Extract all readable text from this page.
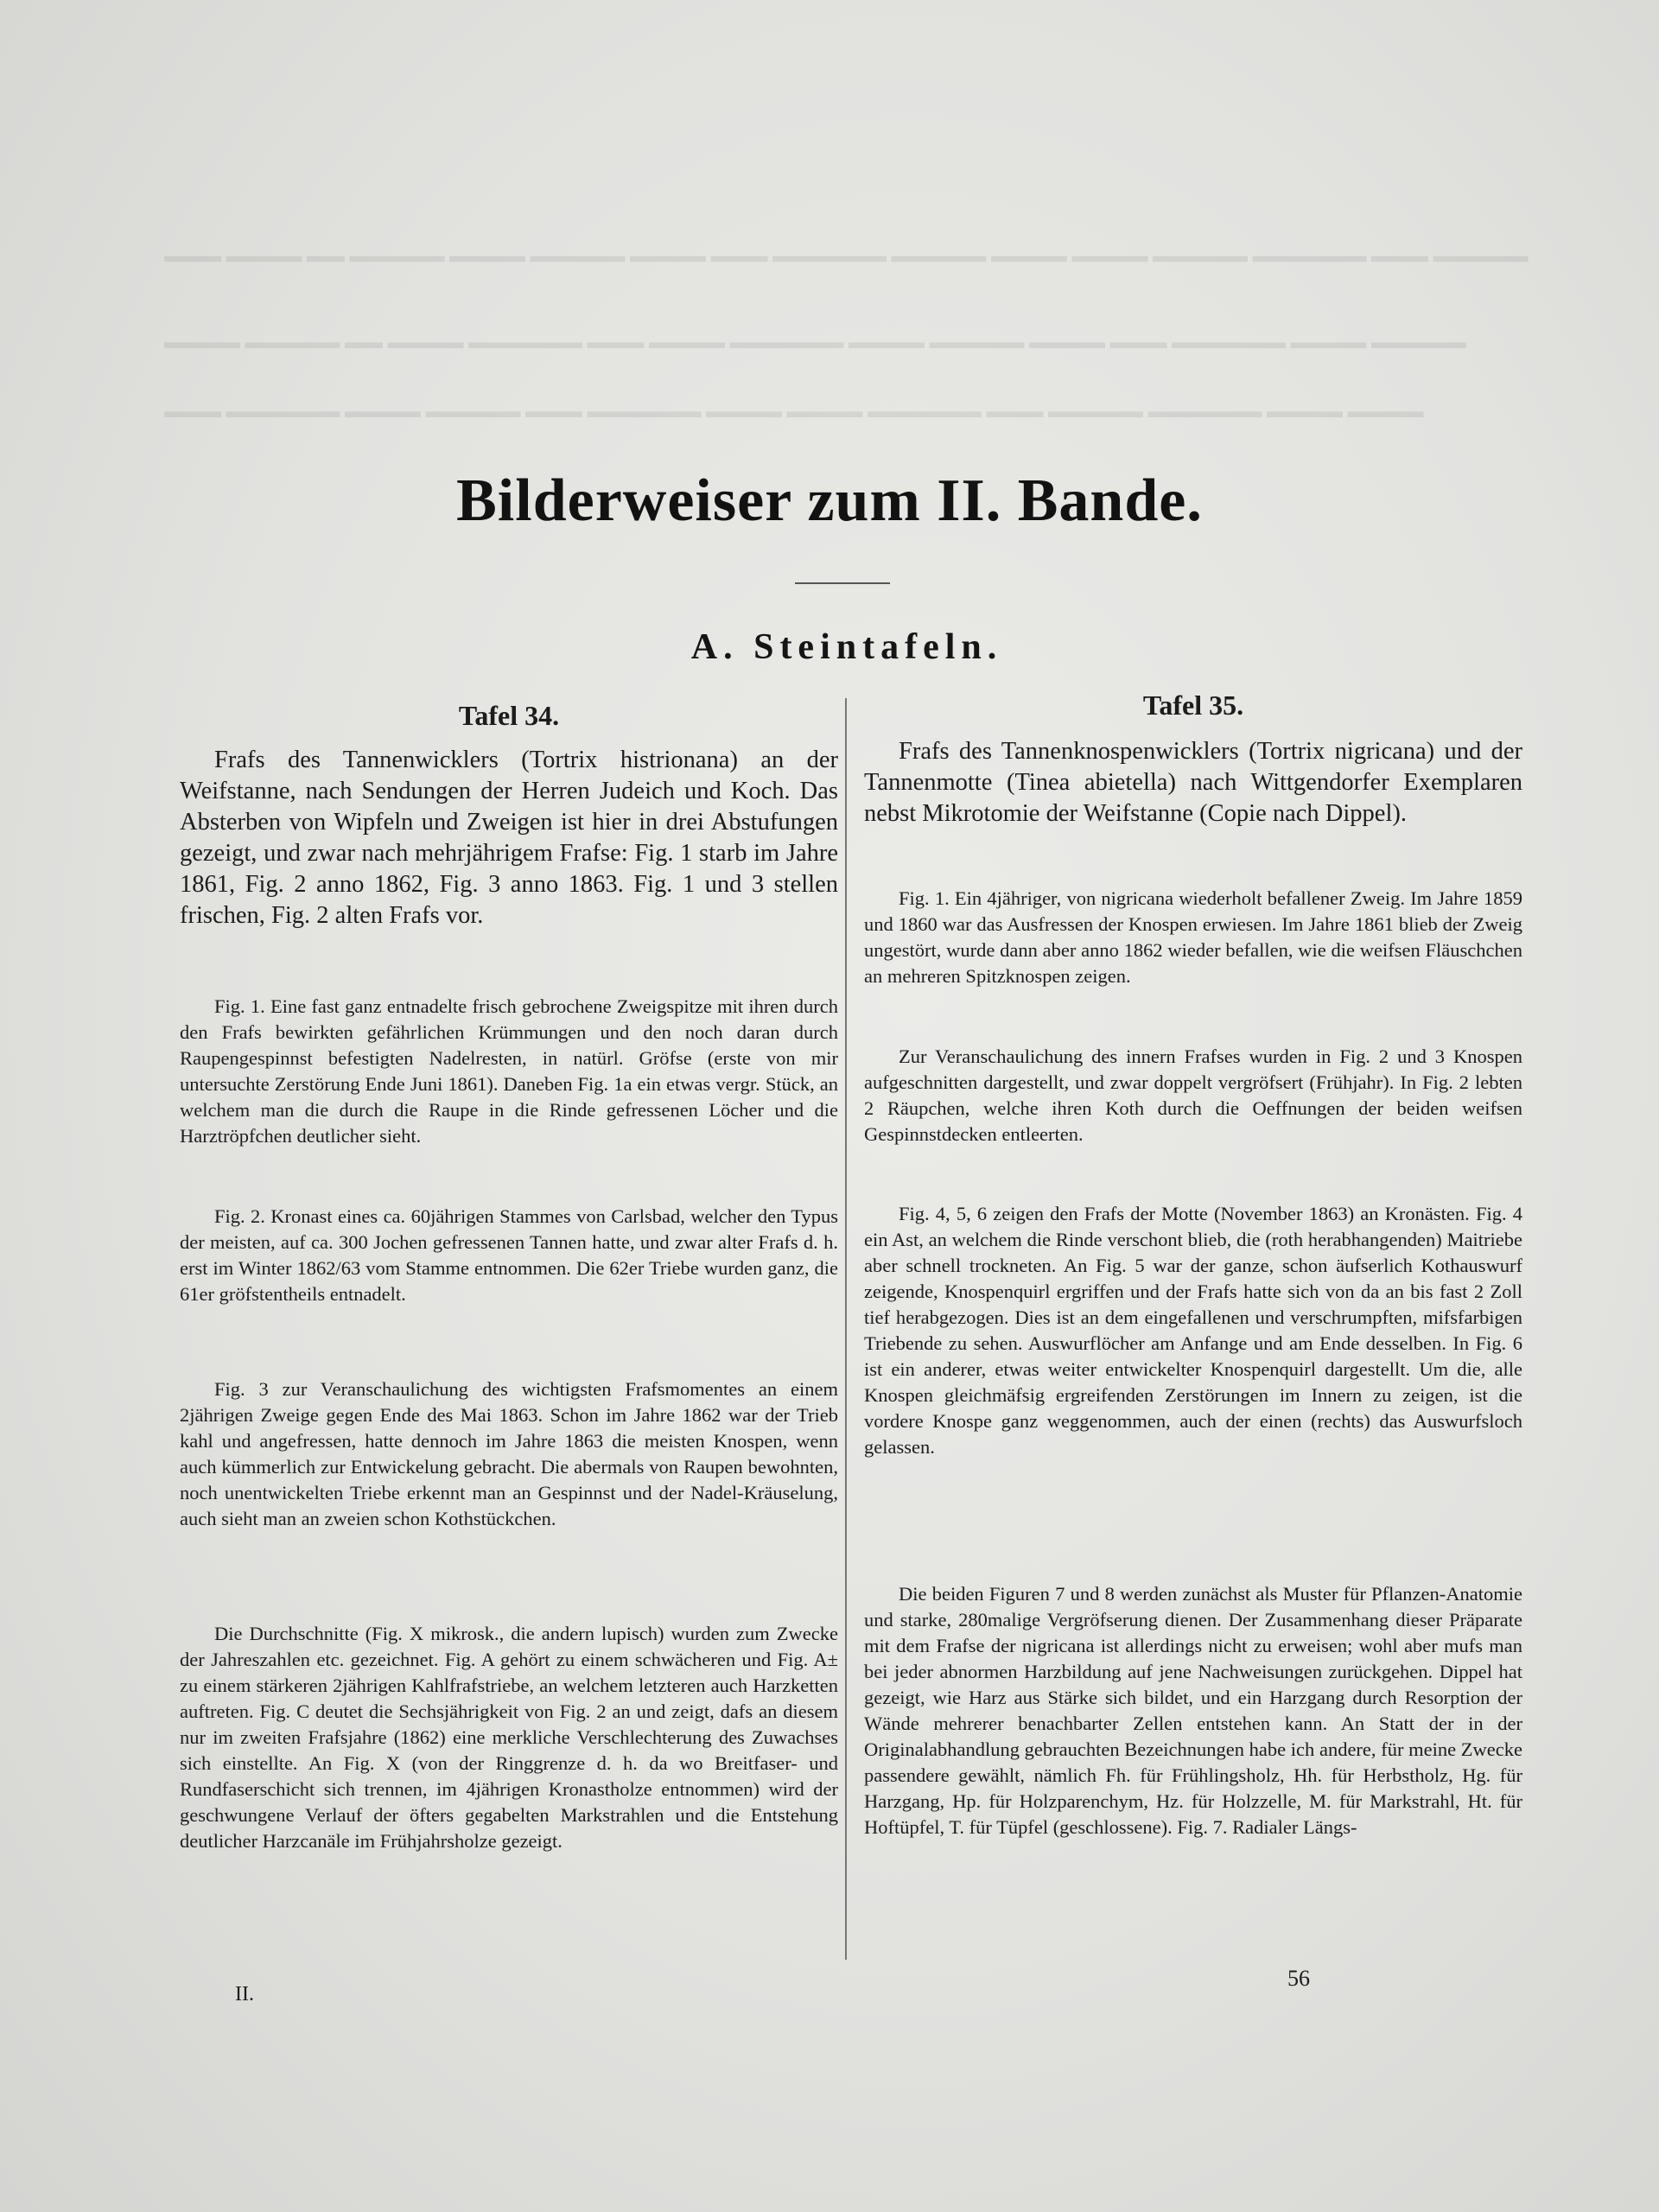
▬▬▬ ▬▬▬▬ ▬▬ ▬▬▬▬▬ ▬▬▬▬ ▬▬▬▬▬ ▬▬▬▬ ▬▬▬ ▬▬▬▬▬▬ ▬▬▬▬▬ ▬▬▬▬ ▬▬▬▬ ▬▬▬▬▬ ▬▬▬▬▬▬ ▬▬▬ ▬▬▬▬▬
▬▬▬▬ ▬▬▬▬▬ ▬▬ ▬▬▬▬ ▬▬▬▬▬▬ ▬▬▬ ▬▬▬▬ ▬▬▬▬▬▬ ▬▬▬▬ ▬▬▬▬▬ ▬▬▬▬ ▬▬▬ ▬▬▬▬▬▬ ▬▬▬▬ ▬▬▬▬▬
▬▬▬ ▬▬▬▬▬▬ ▬▬▬▬ ▬▬▬▬▬ ▬▬▬ ▬▬▬▬▬▬ ▬▬▬▬ ▬▬▬▬ ▬▬▬▬▬▬ ▬▬▬ ▬▬▬▬▬ ▬▬▬▬▬▬ ▬▬▬▬ ▬▬▬▬
Bilderweiser zum II. Bande.
A. Steintafeln.
Tafel 34.

Frafs des Tannenwicklers (Tortrix histrionana) an der Weifstanne, nach Sendungen der Herren Judeich und Koch. Das Absterben von Wipfeln und Zweigen ist hier in drei Abstufungen gezeigt, und zwar nach mehrjährigem Frafse: Fig. 1 starb im Jahre 1861, Fig. 2 anno 1862, Fig. 3 anno 1863. Fig. 1 und 3 stellen frischen, Fig. 2 alten Frafs vor.

Fig. 1. Eine fast ganz entnadelte frisch gebrochene Zweigspitze mit ihren durch den Frafs bewirkten gefährlichen Krümmungen und den noch daran durch Raupengespinnst befestigten Nadelresten, in natürl. Gröfse (erste von mir untersuchte Zerstörung Ende Juni 1861). Daneben Fig. 1a ein etwas vergr. Stück, an welchem man die durch die Raupe in die Rinde gefressenen Löcher und die Harztröpfchen deutlicher sieht.

Fig. 2. Kronast eines ca. 60jährigen Stammes von Carlsbad, welcher den Typus der meisten, auf ca. 300 Jochen gefressenen Tannen hatte, und zwar alter Frafs d. h. erst im Winter 1862/63 vom Stamme entnommen. Die 62er Triebe wurden ganz, die 61er gröfstentheils entnadelt.

Fig. 3 zur Veranschaulichung des wichtigsten Frafsmomentes an einem 2jährigen Zweige gegen Ende des Mai 1863. Schon im Jahre 1862 war der Trieb kahl und angefressen, hatte dennoch im Jahre 1863 die meisten Knospen, wenn auch kümmerlich zur Entwickelung gebracht. Die abermals von Raupen bewohnten, noch unentwickelten Triebe erkennt man an Gespinnst und der Nadel-Kräuselung, auch sieht man an zweien schon Kothstückchen.

Die Durchschnitte (Fig. X mikrosk., die andern lupisch) wurden zum Zwecke der Jahreszahlen etc. gezeichnet. Fig. A gehört zu einem schwächeren und Fig. A± zu einem stärkeren 2jährigen Kahlfrafstriebe, an welchem letzteren auch Harzketten auftreten. Fig. C deutet die Sechsjährigkeit von Fig. 2 an und zeigt, dafs an diesem nur im zweiten Frafsjahre (1862) eine merkliche Verschlechterung des Zuwachses sich einstellte. An Fig. X (von der Ringgrenze d. h. da wo Breitfaser- und Rundfaserschicht sich trennen, im 4jährigen Kronastholze entnommen) wird der geschwungene Verlauf der öfters gegabelten Markstrahlen und die Entstehung deutlicher Harzcanäle im Frühjahrsholze gezeigt.

Tafel 35.

Frafs des Tannenknospenwicklers (Tortrix nigricana) und der Tannenmotte (Tinea abietella) nach Wittgendorfer Exemplaren nebst Mikrotomie der Weifstanne (Copie nach Dippel).

Fig. 1. Ein 4jähriger, von nigricana wiederholt befallener Zweig. Im Jahre 1859 und 1860 war das Ausfressen der Knospen erwiesen. Im Jahre 1861 blieb der Zweig ungestört, wurde dann aber anno 1862 wieder befallen, wie die weifsen Fläuschchen an mehreren Spitzknospen zeigen.

Zur Veranschaulichung des innern Frafses wurden in Fig. 2 und 3 Knospen aufgeschnitten dargestellt, und zwar doppelt vergröfsert (Frühjahr). In Fig. 2 lebten 2 Räupchen, welche ihren Koth durch die Oeffnungen der beiden weifsen Gespinnstdecken entleerten.

Fig. 4, 5, 6 zeigen den Frafs der Motte (November 1863) an Kronästen. Fig. 4 ein Ast, an welchem die Rinde verschont blieb, die (roth herabhangenden) Maitriebe aber schnell trockneten. An Fig. 5 war der ganze, schon äufserlich Kothauswurf zeigende, Knospenquirl ergriffen und der Frafs hatte sich von da an bis fast 2 Zoll tief herabgezogen. Dies ist an dem eingefallenen und verschrumpften, mifsfarbigen Triebende zu sehen. Auswurflöcher am Anfange und am Ende desselben. In Fig. 6 ist ein anderer, etwas weiter entwickelter Knospenquirl dargestellt. Um die, alle Knospen gleichmäfsig ergreifenden Zerstörungen im Innern zu zeigen, ist die vordere Knospe ganz weggenommen, auch der einen (rechts) das Auswurfsloch gelassen.

Die beiden Figuren 7 und 8 werden zunächst als Muster für Pflanzen-Anatomie und starke, 280malige Vergröfserung dienen. Der Zusammenhang dieser Präparate mit dem Frafse der nigricana ist allerdings nicht zu erweisen; wohl aber mufs man bei jeder abnormen Harzbildung auf jene Nachweisungen zurückgehen. Dippel hat gezeigt, wie Harz aus Stärke sich bildet, und ein Harzgang durch Resorption der Wände mehrerer benachbarter Zellen entstehen kann. An Statt der in der Originalabhandlung gebrauchten Bezeichnungen habe ich andere, für meine Zwecke passendere gewählt, nämlich Fh. für Frühlingsholz, Hh. für Herbstholz, Hg. für Harzgang, Hp. für Holzparenchym, Hz. für Holzzelle, M. für Markstrahl, Ht. für Hoftüpfel, T. für Tüpfel (geschlossene). Fig. 7. Radialer Längs-

II.
56
